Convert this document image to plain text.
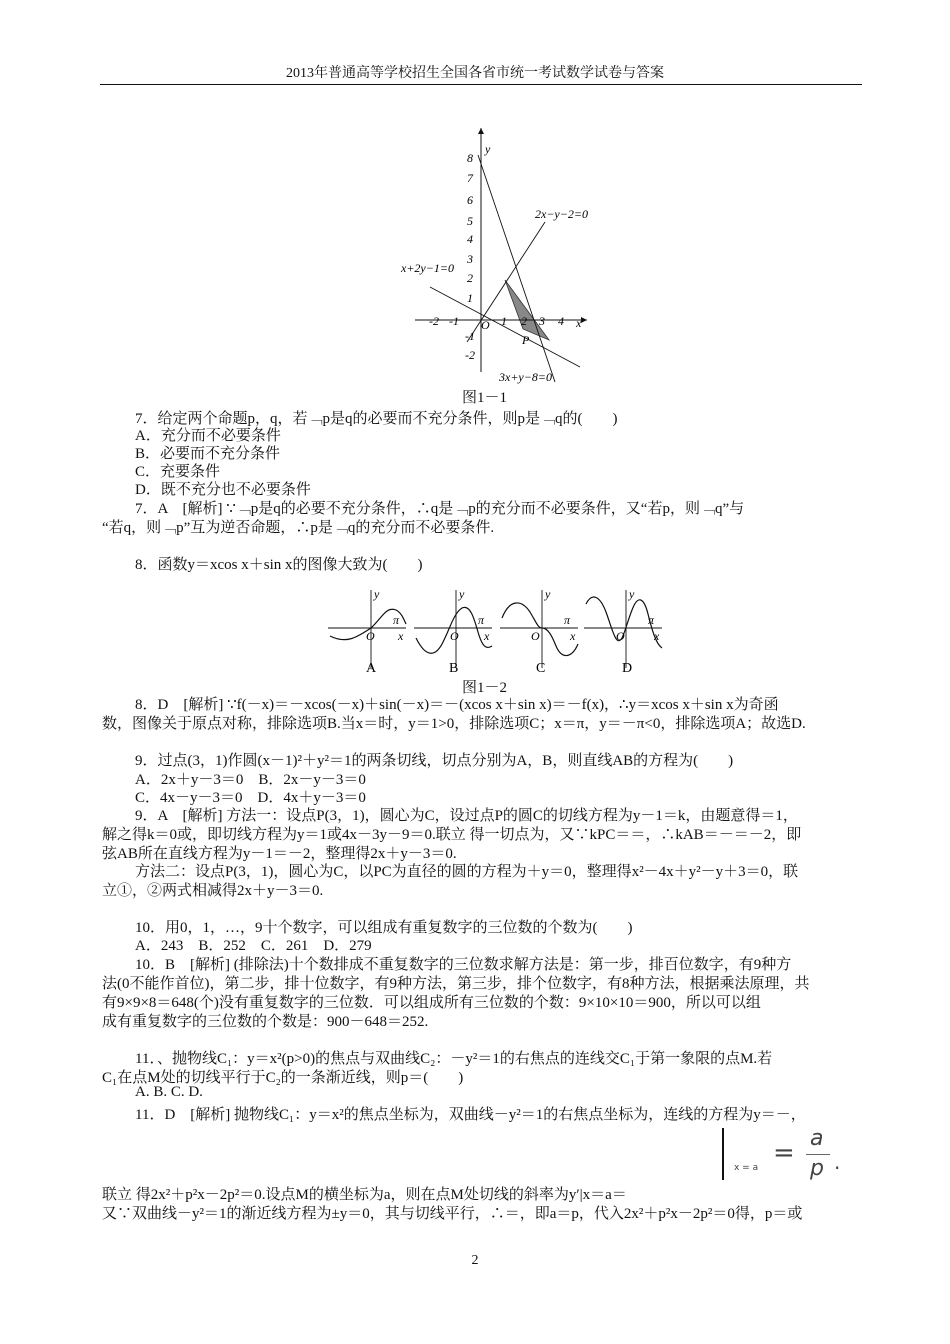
2013年普通高等学校招生全国各省市统一考试数学试卷与答案
8
7
6
5
4
3
2
1
-1
-2
-2 -1	1 2 3 4
O	x
y
P
2x−y−2=0
x+2y−1=0
3x+y−8=0
图1－1
7．给定两个命题p，q，若﹁p是q的必要而不充分条件，则p是﹁q的(　　)
A．充分而不必要条件
B．必要而不充分条件
C．充要条件
D．既不充分也不必要条件
7．A　[解析] ∵﹁p是q的必要不充分条件，∴q是﹁p的充分而不必要条件，又“若p，则﹁q”与
“若q，则﹁p”互为逆否命题，∴p是﹁q的充分而不必要条件.
8．函数y＝xcos x＋sin x的图像大致为(　　)
y
O
π
x
A
y
O
π
x
B
y
O
π
x
C
y
O
π
x
D
图1－2
8．D　[解析] ∵f(－x)＝－xcos(－x)＋sin(－x)＝－(xcos x＋sin x)＝－f(x)，∴y＝xcos x＋sin x为奇函
数，图像关于原点对称，排除选项B.当x＝时，y＝1>0，排除选项C；x＝π，y＝－π<0，排除选项A；故选D.
9．过点(3，1)作圆(x－1)²＋y²＝1的两条切线，切点分别为A，B，则直线AB的方程为(　　)
A．2x＋y－3＝0　B．2x－y－3＝0
C．4x－y－3＝0　D．4x＋y－3＝0
9．A　[解析] 方法一：设点P(3，1)，圆心为C，设过点P的圆C的切线方程为y－1＝k，由题意得＝1，
解之得k＝0或，即切线方程为y＝1或4x－3y－9＝0.联立 得一切点为，又∵kPC＝＝，∴kAB＝－＝－2，即
弦AB所在直线方程为y－1＝－2，整理得2x＋y－3＝0.
方法二：设点P(3，1)，圆心为C，以PC为直径的圆的方程为＋y＝0，整理得x²－4x＋y²－y＋3＝0，联
立①，②两式相减得2x＋y－3＝0.
10．用0，1，…，9十个数字，可以组成有重复数字的三位数的个数为(　　)
A．243　B．252　C．261　D．279
10．B　[解析] (排除法)十个数排成不重复数字的三位数求解方法是：第一步，排百位数字，有9种方
法(0不能作首位)，第二步，排十位数字，有9种方法，第三步，排个位数字，有8种方法，根据乘法原理，共
有9×9×8＝648(个)没有重复数字的三位数．可以组成所有三位数的个数：9×10×10＝900，所以可以组
成有重复数字的三位数的个数是：900－648＝252.
11．、抛物线C₁：y＝x²(p>0)的焦点与双曲线C₂：－y²＝1的右焦点的连线交C₁于第一象限的点M.若
C₁在点M处的切线平行于C₂的一条渐近线，则p＝(　　)
A. B. C. D.
11．D　[解析] 抛物线C₁：y＝x²的焦点坐标为，双曲线－y²＝1的右焦点坐标为，连线的方程为y＝－，
x = a = a
p .
联立 得2x²＋p²x－2p²＝0.设点M的横坐标为a，则在点M处切线的斜率为y′|x＝a＝
又∵双曲线－y²＝1的渐近线方程为±y＝0，其与切线平行，∴＝，即a＝p，代入2x²＋p²x－2p²＝0得，p＝或
2
